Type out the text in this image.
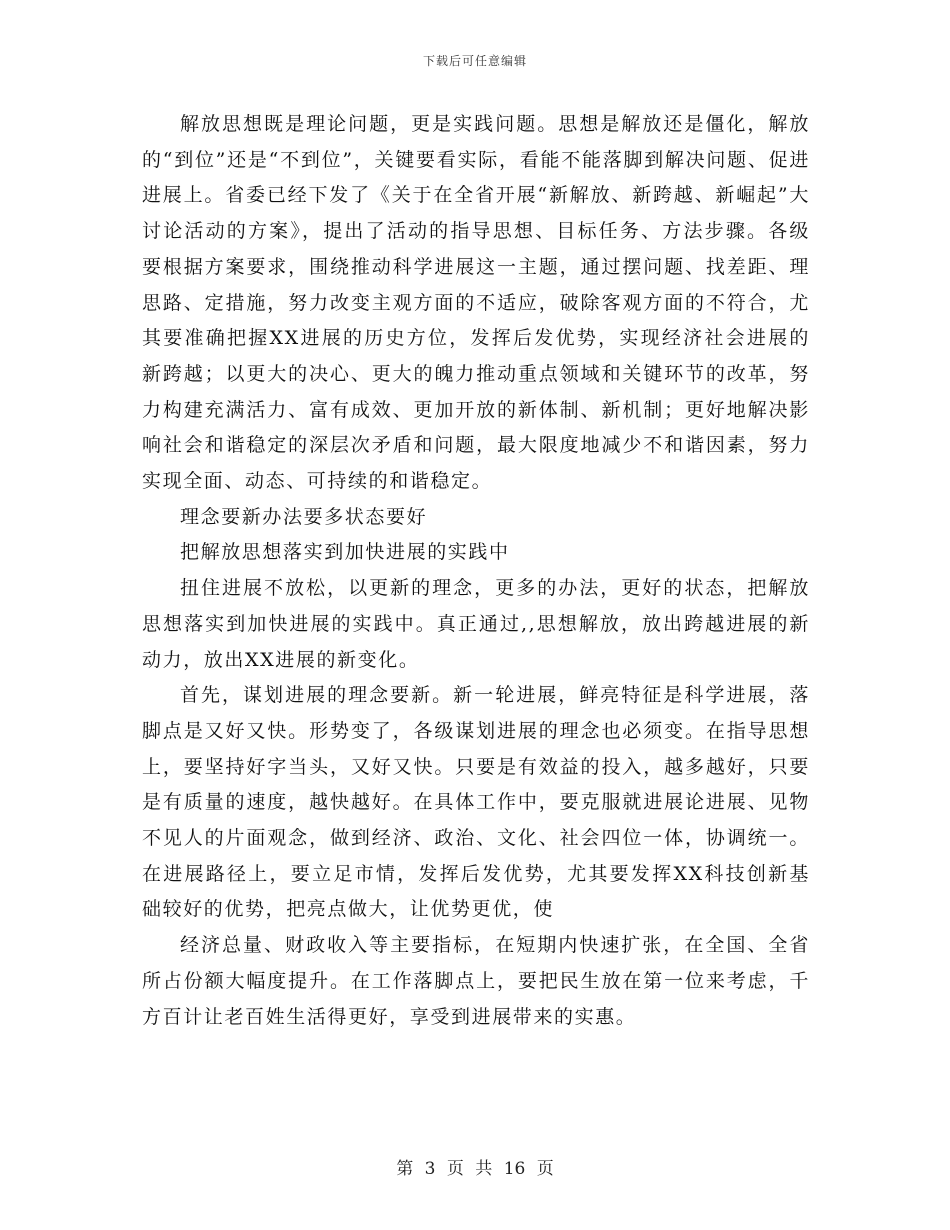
下载后可任意编辑

解放思想既是理论问题，更是实践问题。思想是解放还是僵化，解放的“到位”还是“不到位”，关键要看实际，看能不能落脚到解决问题、促进进展上。省委已经下发了《关于在全省开展“新解放、新跨越、新崛起”大讨论活动的方案》，提出了活动的指导思想、目标任务、方法步骤。各级要根据方案要求，围绕推动科学进展这一主题，通过摆问题、找差距、理思路、定措施，努力改变主观方面的不适应，破除客观方面的不符合，尤其要准确把握XX进展的历史方位，发挥后发优势，实现经济社会进展的新跨越；以更大的决心、更大的魄力推动重点领域和关键环节的改革，努力构建充满活力、富有成效、更加开放的新体制、新机制；更好地解决影响社会和谐稳定的深层次矛盾和问题，最大限度地减少不和谐因素，努力实现全面、动态、可持续的和谐稳定。

理念要新办法要多状态要好

把解放思想落实到加快进展的实践中

扭住进展不放松，以更新的理念，更多的办法，更好的状态，把解放思想落实到加快进展的实践中。真正通过,,思想解放，放出跨越进展的新动力，放出XX进展的新变化。

首先，谋划进展的理念要新。新一轮进展，鲜亮特征是科学进展，落脚点是又好又快。形势变了，各级谋划进展的理念也必须变。在指导思想上，要坚持好字当头，又好又快。只要是有效益的投入，越多越好，只要是有质量的速度，越快越好。在具体工作中，要克服就进展论进展、见物不见人的片面观念，做到经济、政治、文化、社会四位一体，协调统一。在进展路径上，要立足市情，发挥后发优势，尤其要发挥XX科技创新基础较好的优势，把亮点做大，让优势更优，使

经济总量、财政收入等主要指标，在短期内快速扩张，在全国、全省所占份额大幅度提升。在工作落脚点上，要把民生放在第一位来考虑，千方百计让老百姓生活得更好，享受到进展带来的实惠。

第 3 页 共 16 页
